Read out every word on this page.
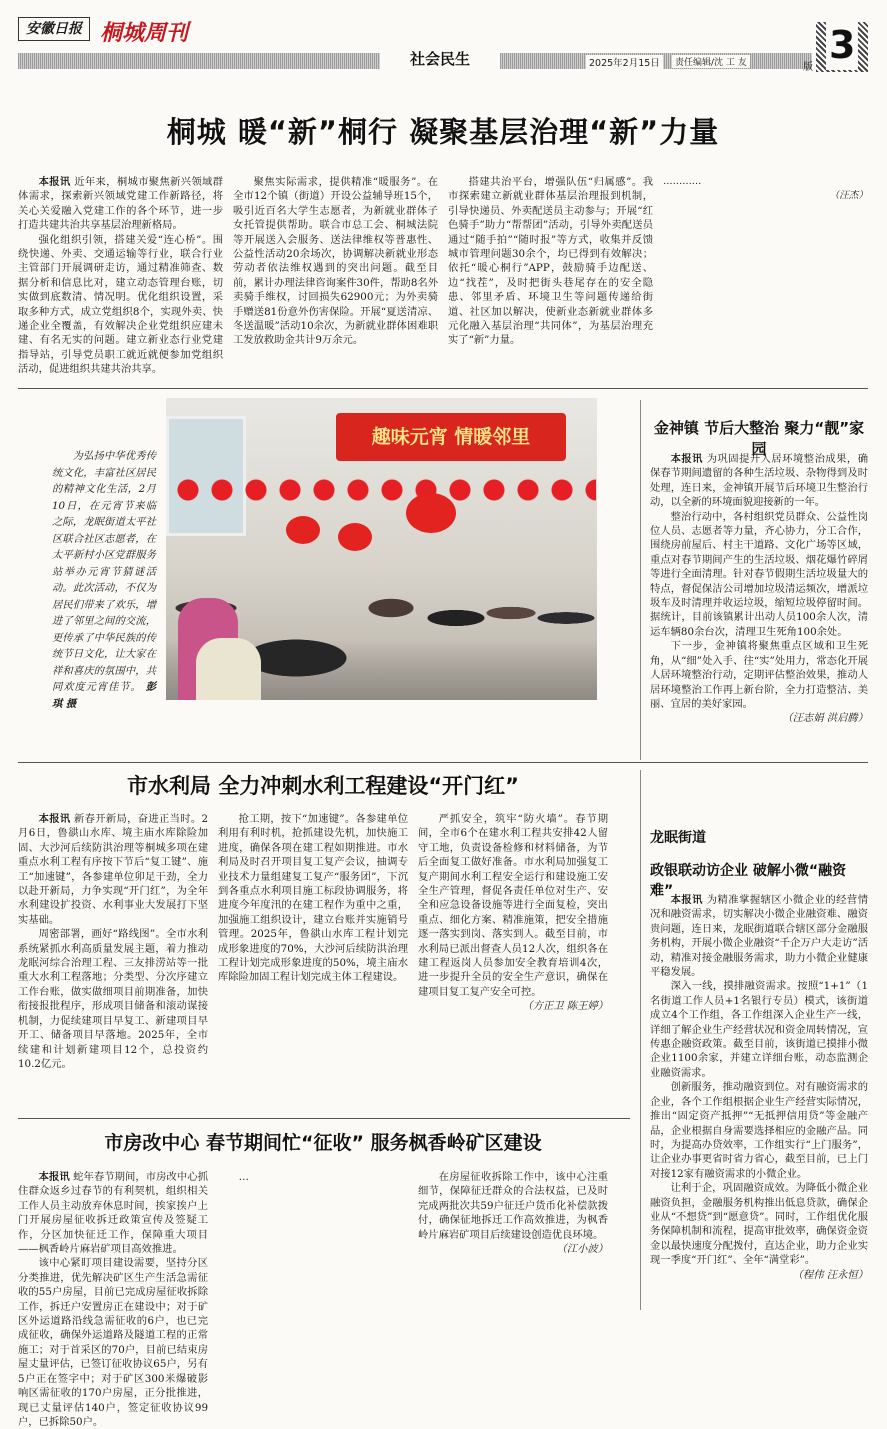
安徽日报 桐城周刊
社会民生	2025年2月15日	责任编辑/沈 工 友 3
版
桐城 暖“新”桐行 凝聚基层治理“新”力量

本报讯 近年来，桐城市聚焦新兴领域群体需求，探索新兴领域党建工作新路径，将关心关爱融入党建工作的各个环节，进一步打造共建共治共享基层治理新格局。

强化组织引领，搭建关爱“连心桥”。围绕快递、外卖、交通运输等行业，联合行业主管部门开展调研走访，通过精准筛查、数据分析和信息比对，建立动态管理台账，切实做到底数清、情况明。优化组织设置，采取多种方式，成立党组织8个，实现外卖、快递企业全覆盖，有效解决企业党组织应建未建、有名无实的问题。建立新业态行业党建指导站，引导党员职工就近就便参加党组织活动，促进组织共建共治共享。

聚焦实际需求，提供精准“暖服务”。在全市12个镇（街道）开设公益辅导班15个，吸引近百名大学生志愿者，为新就业群体子女托管提供帮助。联合市总工会、桐城法院等开展送入会服务、送法律维权等普惠性、公益性活动20余场次，协调解决新就业形态劳动者依法维权遇到的突出问题。截至目前，累计办理法律咨询案件30件，帮助8名外卖骑手维权，讨回损失62900元；为外卖骑手赠送81份意外伤害保险。开展“夏送清凉、冬送温暖”活动10余次，为新就业群体困难职工发放救助金共计9万余元。

搭建共治平台，增强队伍“归属感”。我市探索建立新就业群体基层治理报到机制，引导快递员、外卖配送员主动参与；开展“红色骑手”助力“帮帮团”活动，引导外卖配送员通过“随手拍”“随时报”等方式，收集并反馈城市管理问题30余个，均已得到有效解决；依托“暖心桐行”APP，鼓励骑手边配送、边“找茬”，及时把街头巷尾存在的安全隐患、邻里矛盾、环境卫生等问题传递给街道、社区加以解决，使新业态新就业群体多元化融入基层治理“共同体”，为基层治理充实了“新”力量。

…………
（汪杰）

为弘扬中华优秀传统文化，丰富社区居民的精神文化生活，2月10日，在元宵节来临之际，龙眠街道太平社区联合社区志愿者，在太平新村小区党群服务站举办元宵节猜谜活动。此次活动，不仅为居民们带来了欢乐，增进了邻里之间的交流，更传承了中华民族的传统节日文化，让大家在祥和喜庆的氛围中，共同欢度元宵佳节。 彭琪 摄
趣味元宵 情暖邻里	金神镇 节后大整治 聚力“靓”家园

本报讯 为巩固提升人居环境整治成果，确保春节期间遗留的各种生活垃圾、杂物得到及时处理，连日来，金神镇开展节后环境卫生整治行动，以全新的环境面貌迎接新的一年。

整治行动中，各村组织党员群众、公益性岗位人员、志愿者等力量，齐心协力，分工合作，围绕房前屋后、村主干道路、文化广场等区域，重点对春节期间产生的生活垃圾、烟花爆竹碎屑等进行全面清理。针对春节假期生活垃圾量大的特点，督促保洁公司增加垃圾清运频次，增派垃圾车及时清理并收运垃圾，缩短垃圾停留时间。据统计，目前该镇累计出动人员100余人次，清运车辆80余台次，清理卫生死角100余处。

下一步，金神镇将聚焦重点区域和卫生死角，从“细”处入手、往“实”处用力，常态化开展人居环境整治行动，定期评估整治效果，推动人居环境整治工作再上新台阶，全力打造整洁、美丽、宜居的美好家园。

（汪志娟 洪启腾）

市水利局 全力冲刺水利工程建设“开门红”

本报讯 新春开新局，奋进正当时。2月6日，鲁谼山水库、境主庙水库除险加固、大沙河后续防洪治理等桐城多项在建重点水利工程有序按下节后“复工键”、施工“加速键”，各参建单位卯足干劲，全力以赴开新局，力争实现“开门红”，为全年水利建设扩投资、水利事业大发展打下坚实基础。

周密部署，画好“路线图”。全市水利系统紧抓水利高质量发展主题，着力推动龙眠河综合治理工程、三友排涝站等一批重大水利工程落地；分类型、分次序建立工作台账，做实做细项目前期准备，加快衔接报批程序，形成项目储备和滚动谋接机制，力促续建项目早复工、新建项目早开工、储备项目早落地。2025年，全市续建和计划新建项目12个，总投资约10.2亿元。

抢工期，按下“加速键”。各参建单位利用有利时机，抢抓建设先机，加快施工进度，确保各项在建工程如期推进。市水利局及时召开项目复工复产会议，抽调专业技术力量组建复工复产“服务团”，下沉到各重点水利项目施工标段协调服务，将进度今年度汛的在建工程作为重中之重，加强施工组织设计，建立台账并实施销号管理。2025年，鲁谼山水库工程计划完成形象进度的70%，大沙河后续防洪治理工程计划完成形象进度的50%，境主庙水库除险加固工程计划完成主体工程建设。

严抓安全，筑牢“防火墙”。春节期间，全市6个在建水利工程共安排42人留守工地，负责设备检修和材料储备，为节后全面复工做好准备。市水利局加强复工复产期间水利工程安全运行和建设施工安全生产管理，督促各责任单位对生产、安全和应急设备设施等进行全面复检，突出重点、细化方案、精准施策，把安全措施逐一落实到岗、落实到人。截至目前，市水利局已派出督查人员12人次，组织各在建工程返岗人员参加安全教育培训4次，进一步提升全员的安全生产意识，确保在建项目复工复产安全可控。

（方正卫 陈王婷）

龙眠街道
政银联动访企业 破解小微“融资难”

本报讯 为精准掌握辖区小微企业的经营情况和融资需求，切实解决小微企业融资难、融资贵问题，连日来，龙眠街道联合辖区部分金融服务机构，开展小微企业融资“千企万户大走访”活动，精准对接金融服务需求，助力小微企业健康平稳发展。

深入一线，摸排融资需求。按照“1+1”（1名街道工作人员+1名银行专员）模式，该街道成立4个工作组，各工作组深入企业生产一线，详细了解企业生产经营状况和资金周转情况，宣传惠企融资政策。截至目前，该街道已摸排小微企业1100余家，并建立详细台账，动态监测企业融资需求。

创新服务，推动融资到位。对有融资需求的企业，各个工作组根据企业生产经营实际情况，推出“固定资产抵押”“无抵押信用贷”等金融产品，企业根据自身需要选择相应的金融产品。同时，为提高办贷效率，工作组实行“上门服务”，让企业办事更省时省力省心，截至目前，已上门对接12家有融资需求的小微企业。

让利于企，巩固融资成效。为降低小微企业融资负担，金融服务机构推出低息贷款，确保企业从“不想贷”到“愿意贷”。同时，工作组优化服务保障机制和流程，提高审批效率，确保资金资金以最快速度分配拨付，直达企业，助力企业实现一季度“开门红”、全年“满堂彩”。

（程伟 汪永恒）

市房改中心 春节期间忙“征收” 服务枫香岭矿区建设

本报讯 蛇年春节期间，市房改中心抓住群众返乡过春节的有利契机，组织相关工作人员主动放弃休息时间，挨家挨户上门开展房屋征收拆迁政策宣传及签疑工作，分区加快征迁工作，保障重大项目——枫香岭片麻岩矿项目高效推进。

该中心紧盯项目建设需要，坚持分区分类推进，优先解决矿区生产生活急需征收的55户房屋，目前已完成房屋征收拆除工作，拆迁户安置房正在建设中；对于矿区外运道路沿线急需征收的6户，也已完成征收，确保外运道路及隧道工程的正常施工；对于首采区的70户，目前已结束房屋丈量评估，已签订征收协议65户，另有5户正在签字中；对于矿区300米爆破影响区需征收的170户房屋，正分批推进，现已丈量评估140户，签定征收协议99户，已拆除50户。

…	在房屋征收拆除工作中，该中心注重细节，保障征迁群众的合法权益，已及时完成两批次共59户征迁户货币化补偿款拨付，确保征地拆迁工作高效推进，为枫香岭片麻岩矿项目后续建设创造优良环境。

（江小波）
